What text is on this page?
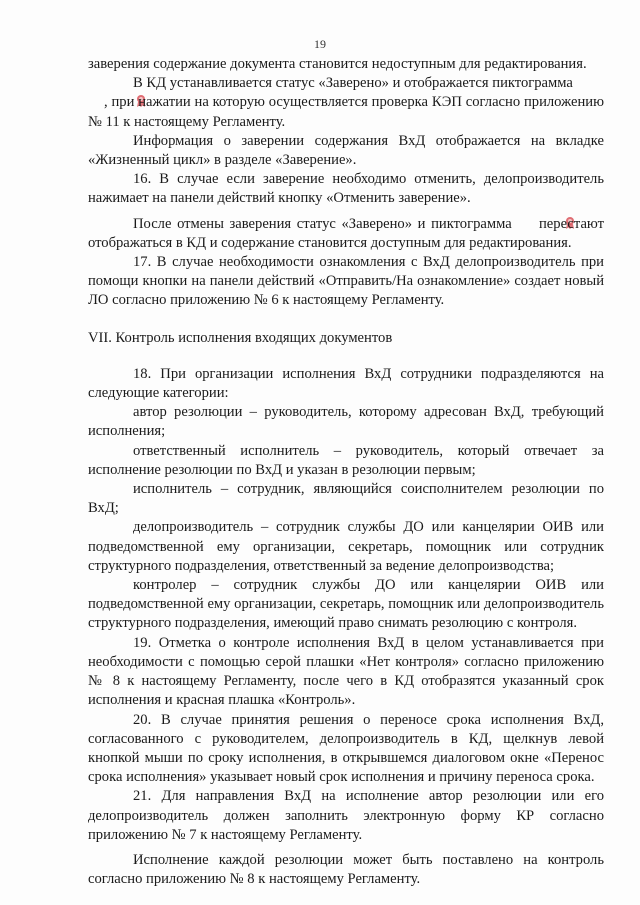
19

заверения содержание документа становится недоступным для редактирования.

В КД устанавливается статус «Заверено» и отображается пиктограмма
, при нажатии на которую осуществляется проверка КЭП согласно приложению № 11 к настоящему Регламенту.

Информация о заверении содержания ВхД отображается на вкладке «Жизненный цикл» в разделе «Заверение».

16. В случае если заверение необходимо отменить, делопроизводитель нажимает на панели действий кнопку «Отменить заверение».

После отмены заверения статус «Заверено» и пиктограмма перестают отображаться в КД и содержание становится доступным для редактирования.

17. В случае необходимости ознакомления с ВхД делопроизводитель при помощи кнопки на панели действий «Отправить/На ознакомление» создает новый ЛО согласно приложению № 6 к настоящему Регламенту.

VII. Контроль исполнения входящих документов

18. При организации исполнения ВхД сотрудники подразделяются на следующие категории:

автор резолюции – руководитель, которому адресован ВхД, требующий исполнения;

ответственный исполнитель – руководитель, который отвечает за исполнение резолюции по ВхД и указан в резолюции первым;

исполнитель – сотрудник, являющийся соисполнителем резолюции по ВхД;

делопроизводитель – сотрудник службы ДО или канцелярии ОИВ или подведомственной ему организации, секретарь, помощник или сотрудник структурного подразделения, ответственный за ведение делопроизводства;

контролер – сотрудник службы ДО или канцелярии ОИВ или подведомственной ему организации, секретарь, помощник или делопроизводитель структурного подразделения, имеющий право снимать резолюцию с контроля.

19. Отметка о контроле исполнения ВхД в целом устанавливается при необходимости с помощью серой плашки «Нет контроля» согласно приложению № 8 к настоящему Регламенту, после чего в КД отобразятся указанный срок исполнения и красная плашка «Контроль».

20. В случае принятия решения о переносе срока исполнения ВхД, согласованного с руководителем, делопроизводитель в КД, щелкнув левой кнопкой мыши по сроку исполнения, в открывшемся диалоговом окне «Перенос срока исполнения» указывает новый срок исполнения и причину переноса срока.

21. Для направления ВхД на исполнение автор резолюции или его делопроизводитель должен заполнить электронную форму КР согласно приложению № 7 к настоящему Регламенту.

Исполнение каждой резолюции может быть поставлено на контроль согласно приложению № 8 к настоящему Регламенту.
